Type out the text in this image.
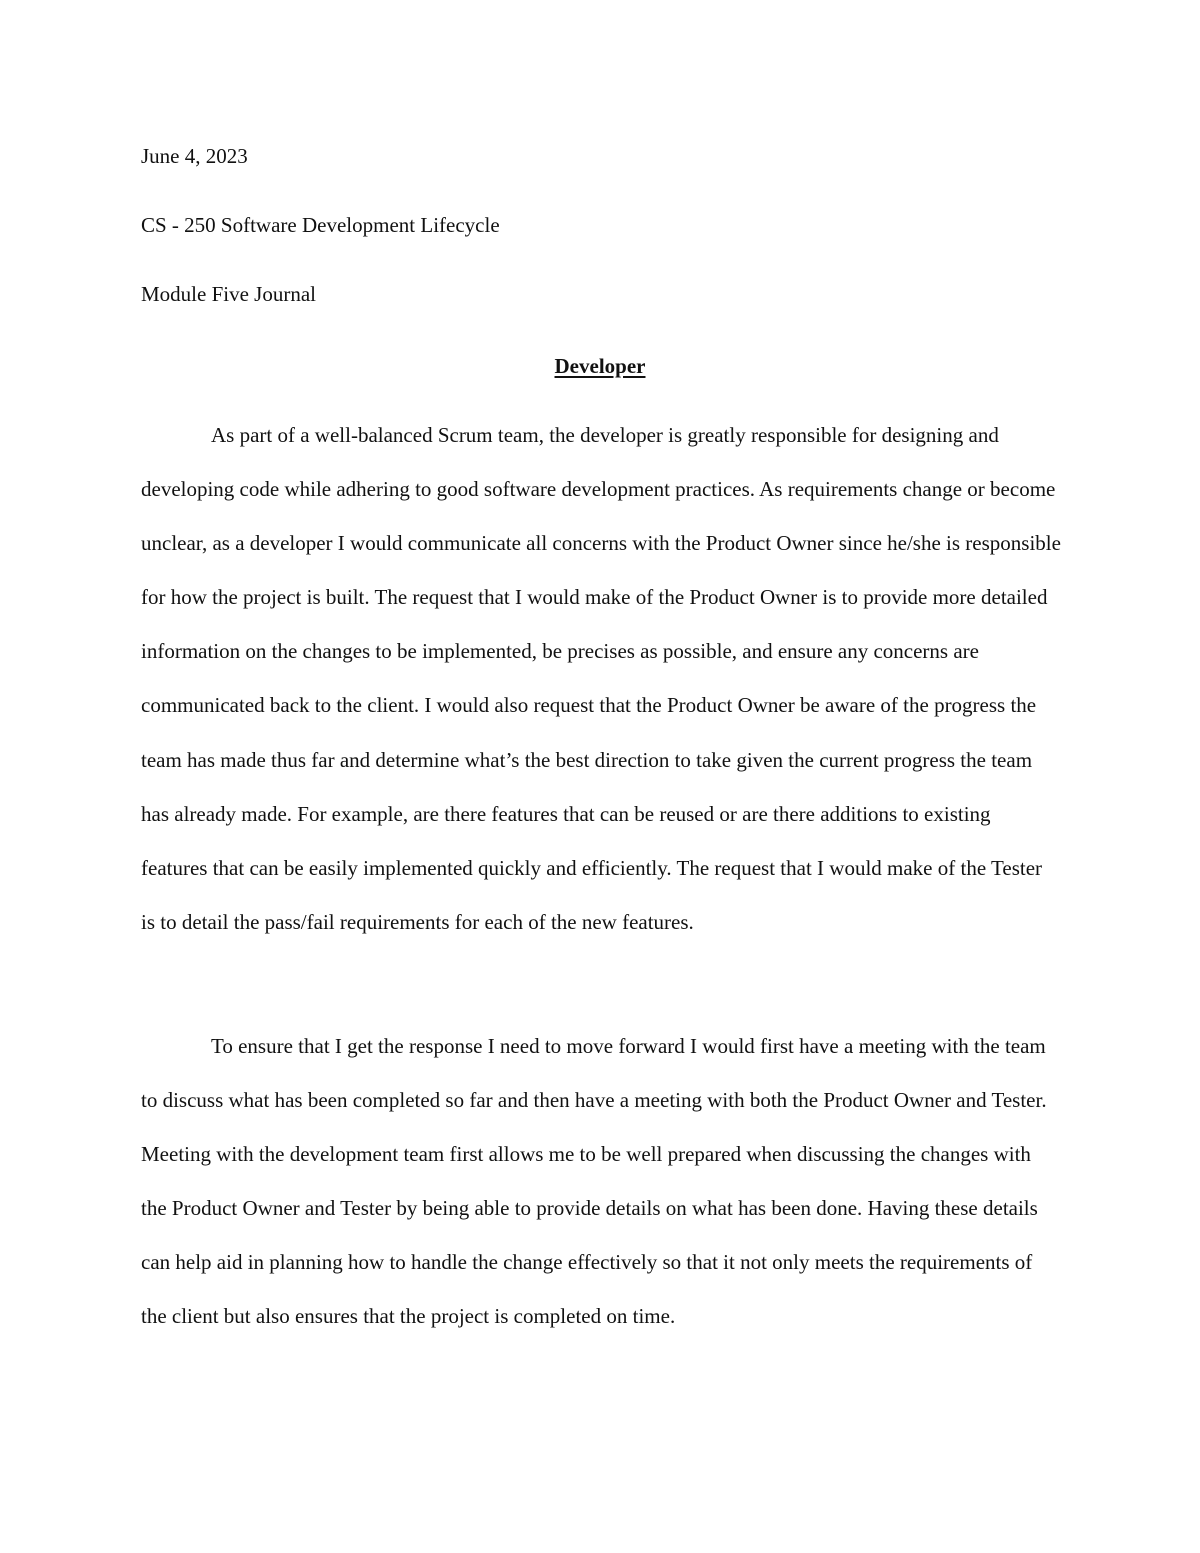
June 4, 2023
CS - 250 Software Development Lifecycle
Module Five Journal
Developer

As part of a well-balanced Scrum team, the developer is greatly responsible for designing and developing code while adhering to good software development practices. As requirements change or become unclear, as a developer I would communicate all concerns with the Product Owner since he/she is responsible for how the project is built. The request that I would make of the Product Owner is to provide more detailed information on the changes to be implemented, be precises as possible, and ensure any concerns are communicated back to the client. I would also request that the Product Owner be aware of the progress the team has made thus far and determine what’s the best direction to take given the current progress the team has already made. For example, are there features that can be reused or are there additions to existing features that can be easily implemented quickly and efficiently. The request that I would make of the Tester is to detail the pass/fail requirements for each of the new features.

To ensure that I get the response I need to move forward I would first have a meeting with the team to discuss what has been completed so far and then have a meeting with both the Product Owner and Tester. Meeting with the development team first allows me to be well prepared when discussing the changes with the Product Owner and Tester by being able to provide details on what has been done. Having these details can help aid in planning how to handle the change effectively so that it not only meets the requirements of the client but also ensures that the project is completed on time.
